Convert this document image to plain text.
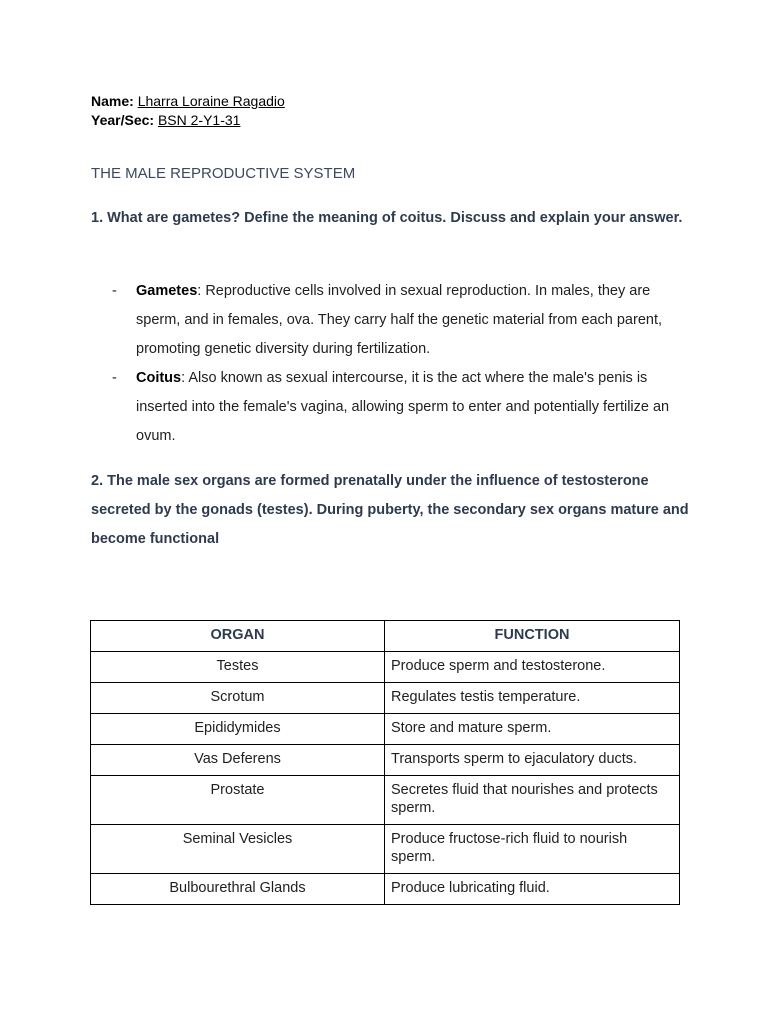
Name: Lharra Loraine Ragadio
Year/Sec: BSN 2-Y1-31
THE MALE REPRODUCTIVE SYSTEM
1. What are gametes? Define the meaning of coitus. Discuss and explain your answer.
- Gametes: Reproductive cells involved in sexual reproduction. In males, they are sperm, and in females, ova. They carry half the genetic material from each parent, promoting genetic diversity during fertilization.
- Coitus: Also known as sexual intercourse, it is the act where the male's penis is inserted into the female's vagina, allowing sperm to enter and potentially fertilize an ovum.
2. The male sex organs are formed prenatally under the influence of testosterone secreted by the gonads (testes). During puberty, the secondary sex organs mature and become functional
ORGAN	FUNCTION
Testes	Produce sperm and testosterone.
Scrotum	Regulates testis temperature.
Epididymides	Store and mature sperm.
Vas Deferens	Transports sperm to ejaculatory ducts.
Prostate	Secretes fluid that nourishes and protects sperm.
Seminal Vesicles	Produce fructose-rich fluid to nourish sperm.
Bulbourethral Glands	Produce lubricating fluid.
